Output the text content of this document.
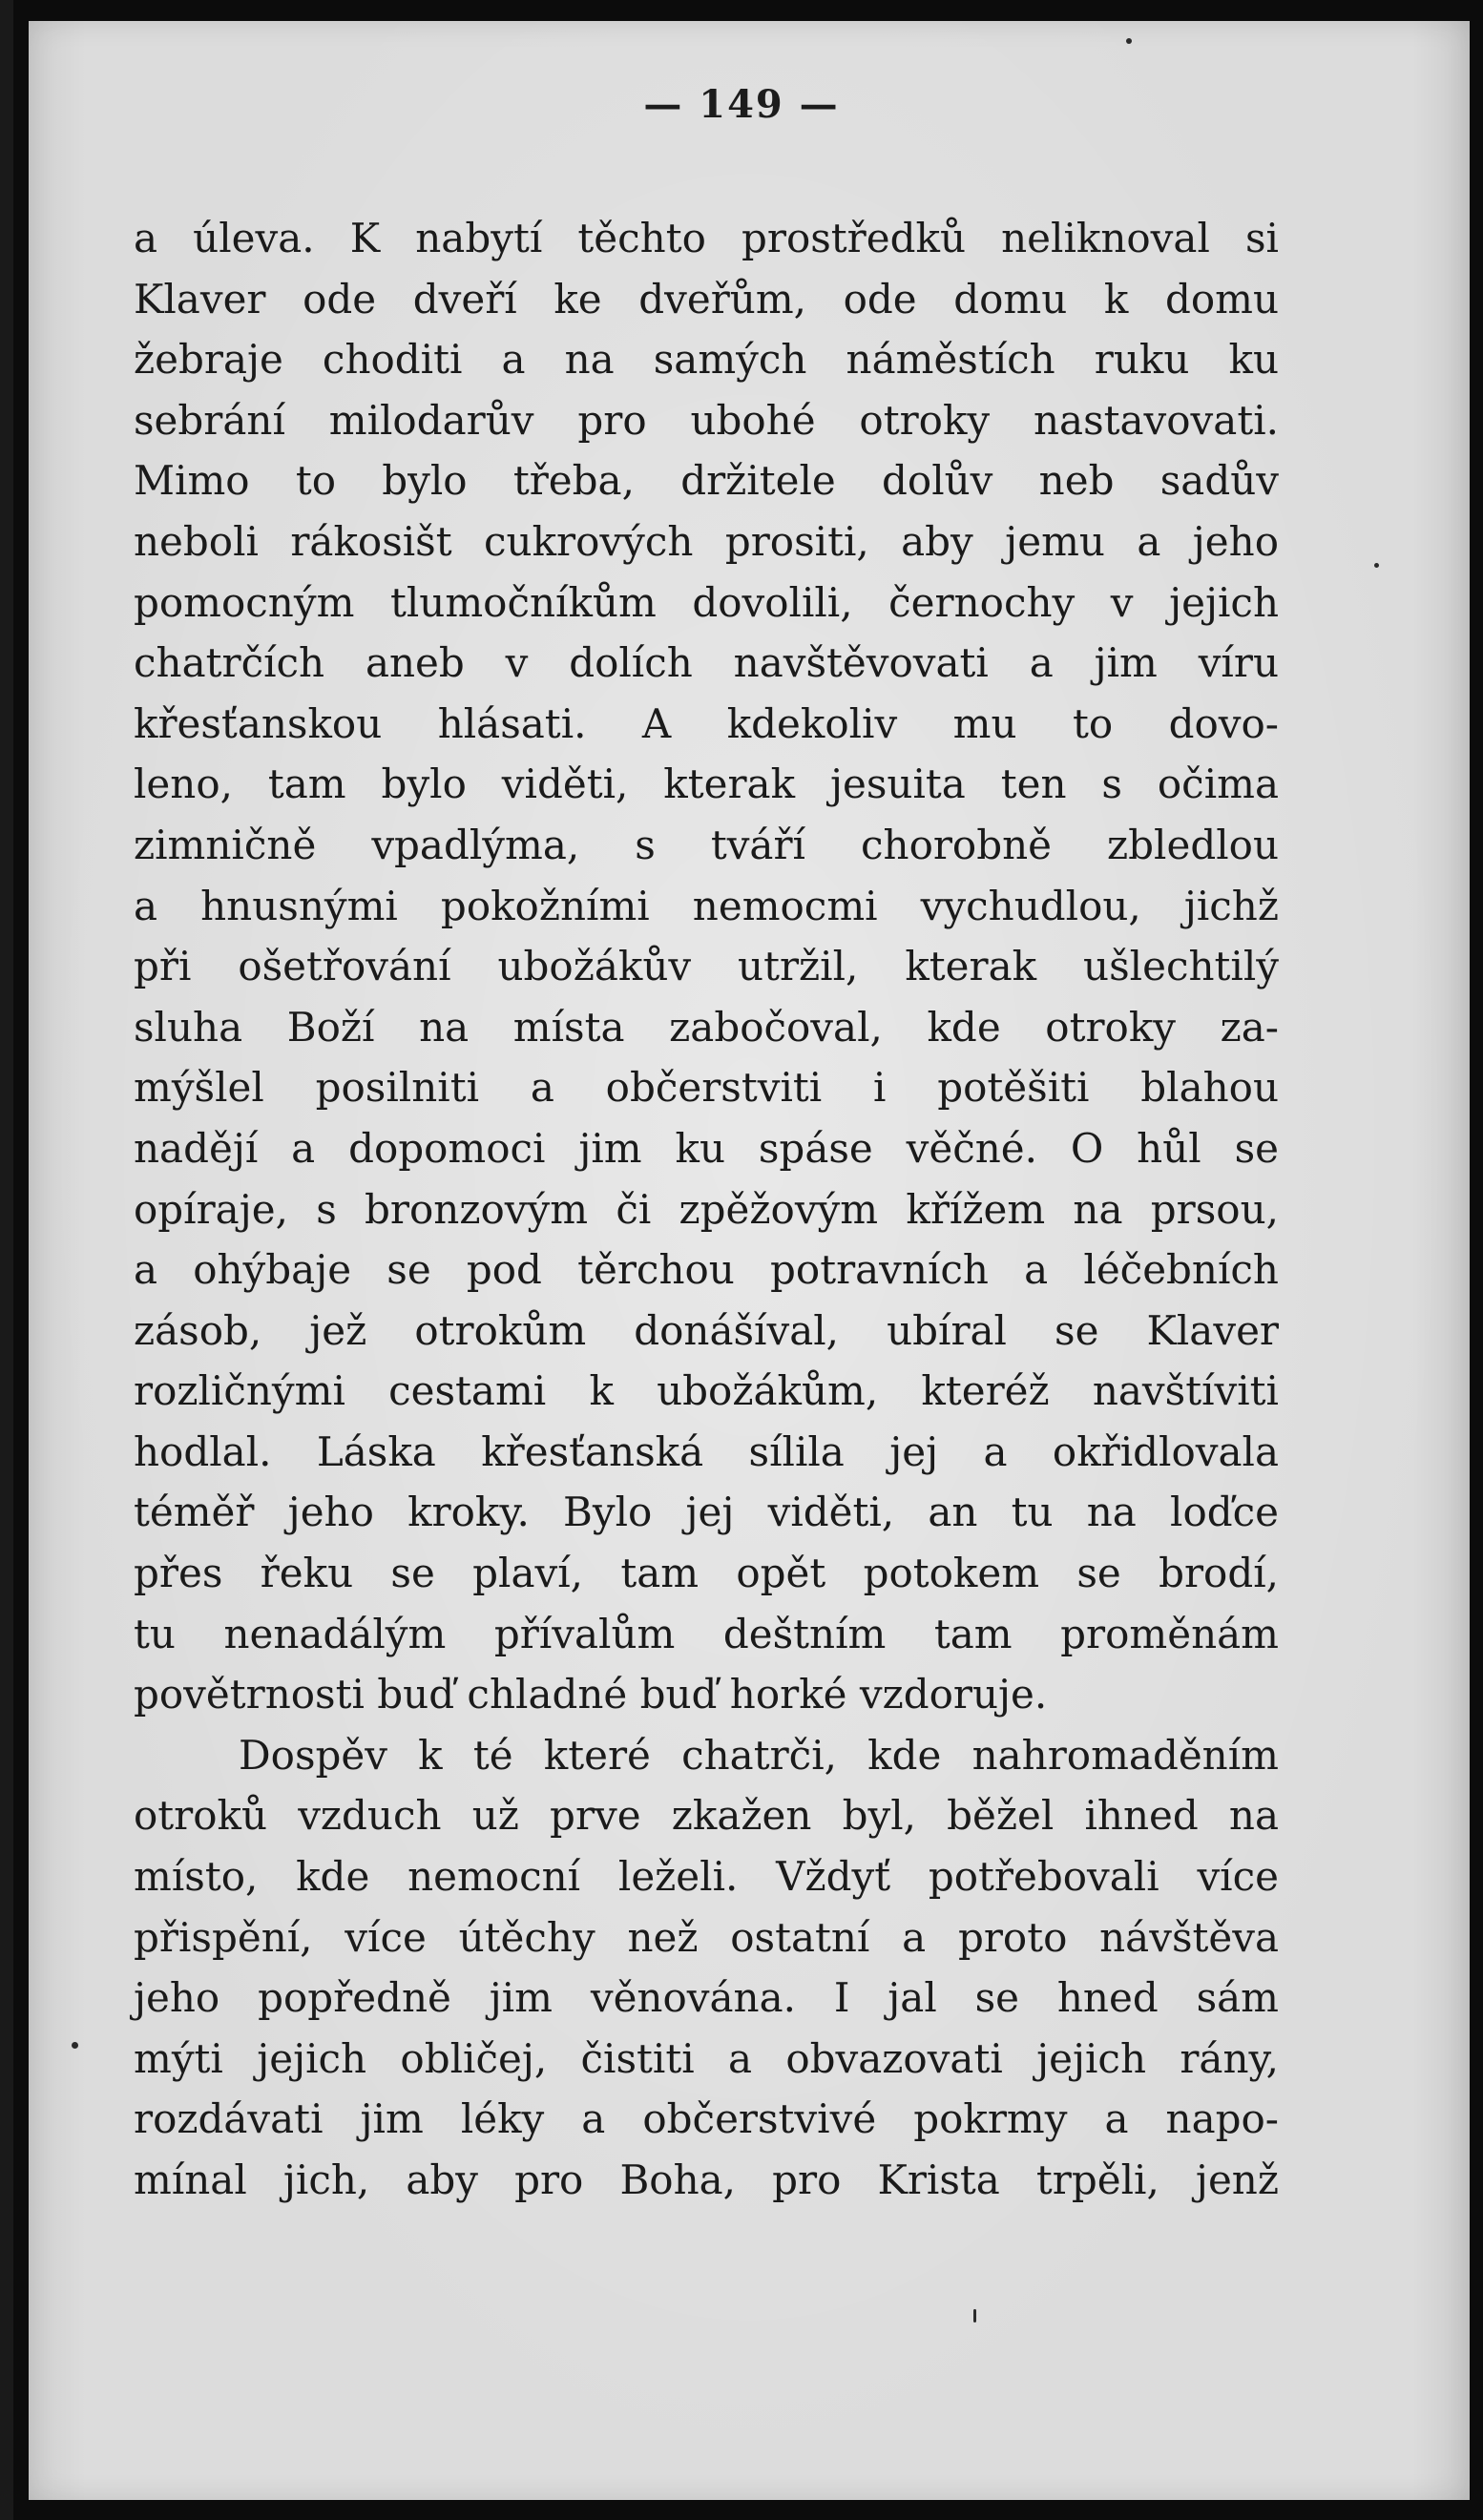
— 149 —
a úleva. K nabytí těchto prostředků neliknoval si
Klaver ode dveří ke dveřům, ode domu k domu
žebraje choditi a na samých náměstích ruku ku
sebrání milodarův pro ubohé otroky nastavovati.
Mimo to bylo třeba, držitele dolův neb sadův
neboli rákosišt cukrových prositi, aby jemu a jeho
pomocným tlumočníkům dovolili, černochy v jejich
chatrčích aneb v dolích navštěvovati a jim víru
křesťanskou hlásati. A kdekoliv mu to dovo-
leno, tam bylo viděti, kterak jesuita ten s očima
zimničně vpadlýma, s tváří chorobně zbledlou
a hnusnými pokožními nemocmi vychudlou, jichž
při ošetřování ubožákův utržil, kterak ušlechtilý
sluha Boží na místa zabočoval, kde otroky za-
mýšlel posilniti a občerstviti i potěšiti blahou
nadějí a dopomoci jim ku spáse věčné. O hůl se
opíraje, s bronzovým či zpěžovým křížem na prsou,
a ohýbaje se pod těrchou potravních a léčebních
zásob, jež otrokům donášíval, ubíral se Klaver
rozličnými cestami k ubožákům, kteréž navštíviti
hodlal. Láska křesťanská sílila jej a okřidlovala
téměř jeho kroky. Bylo jej viděti, an tu na loďce
přes řeku se plaví, tam opět potokem se brodí,
tu nenadálým přívalům deštním tam proměnám
povětrnosti buď chladné buď horké vzdoruje.
Dospěv k té které chatrči, kde nahromaděním
otroků vzduch už prve zkažen byl, běžel ihned na
místo, kde nemocní leželi. Vždyť potřebovali více
přispění, více útěchy než ostatní a proto návštěva
jeho popředně jim věnována. I jal se hned sám
mýti jejich obličej, čistiti a obvazovati jejich rány,
rozdávati jim léky a občerstvivé pokrmy a napo-
mínal jich, aby pro Boha, pro Krista trpěli, jenž
